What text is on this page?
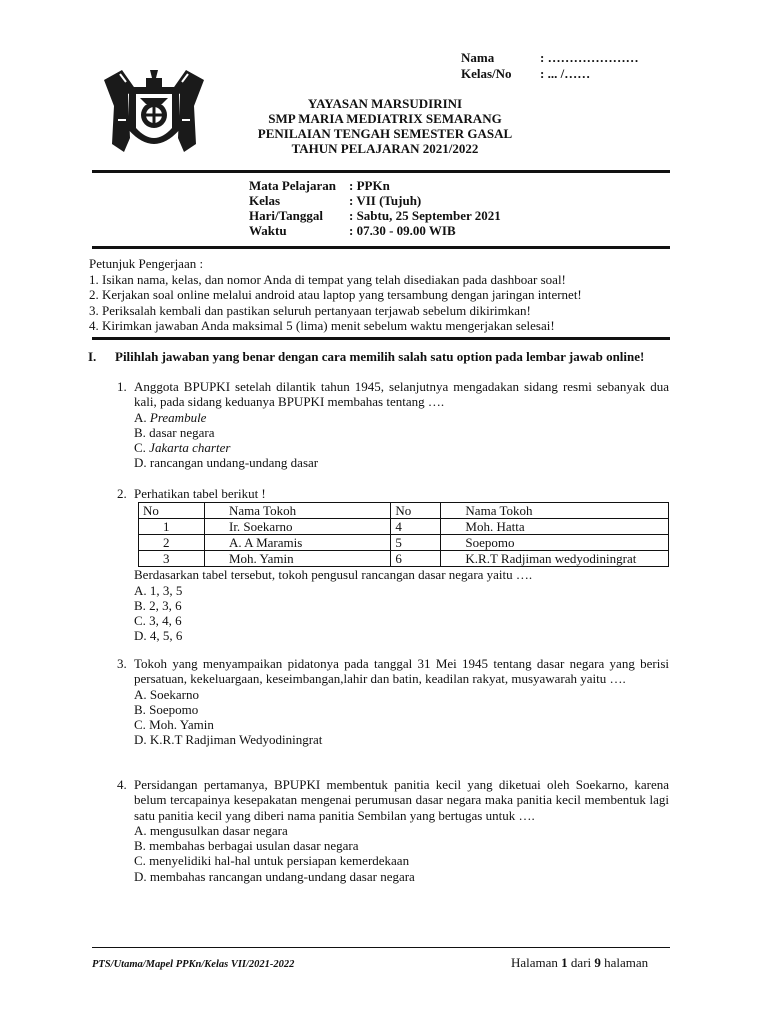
Nama	: …………………
Kelas/No : ... /……
YAYASAN MARSUDIRINI
SMP MARIA MEDIATRIX SEMARANG
PENILAIAN TENGAH SEMESTER GASAL
TAHUN PELAJARAN 2021/2022
Mata Pelajaran : PPKn
Kelas	: VII (Tujuh)
Hari/Tanggal : Sabtu, 25 September 2021
Waktu	: 07.30 - 09.00 WIB
Petunjuk Pengerjaan :
1. Isikan nama, kelas, dan nomor Anda di tempat yang telah disediakan pada dashboar soal!
2. Kerjakan soal online melalui android atau laptop yang tersambung dengan jaringan internet!
3. Periksalah kembali dan pastikan seluruh pertanyaan terjawab sebelum dikirimkan!
4. Kirimkan jawaban Anda maksimal 5 (lima) menit sebelum waktu mengerjakan selesai!
I. Pilihlah jawaban yang benar dengan cara memilih salah satu option pada lembar jawab online!
1. Anggota BPUPKI setelah dilantik tahun 1945, selanjutnya mengadakan sidang resmi sebanyak dua kali, pada sidang keduanya BPUPKI membahas tentang ….
A. Preambule
B. dasar negara
C. Jakarta charter
D. rancangan undang-undang dasar
2. Perhatikan tabel berikut !
No	Nama Tokoh	No	Nama Tokoh
1	Ir. Soekarno	4	Moh. Hatta
2	A. A Maramis	5	Soepomo
3	Moh. Yamin	6	K.R.T Radjiman wedyodiningrat
Berdasarkan tabel tersebut, tokoh pengusul rancangan dasar negara yaitu ….
A. 1, 3, 5
B. 2, 3, 6
C. 3, 4, 6
D. 4, 5, 6
3. Tokoh yang menyampaikan pidatonya pada tanggal 31 Mei 1945 tentang dasar negara yang berisi persatuan, kekeluargaan, keseimbangan,lahir dan batin, keadilan rakyat, musyawarah yaitu ….
A. Soekarno
B. Soepomo
C. Moh. Yamin
D. K.R.T Radjiman Wedyodiningrat
4. Persidangan pertamanya, BPUPKI membentuk panitia kecil yang diketuai oleh Soekarno, karena belum tercapainya kesepakatan mengenai perumusan dasar negara maka panitia kecil membentuk lagi satu panitia kecil yang diberi nama panitia Sembilan yang bertugas untuk ….
A. mengusulkan dasar negara
B. membahas berbagai usulan dasar negara
C. menyelidiki hal-hal untuk persiapan kemerdekaan
D. membahas rancangan undang-undang dasar negara
PTS/Utama/Mapel PPKn/Kelas VII/2021-2022	Halaman 1 dari 9 halaman
